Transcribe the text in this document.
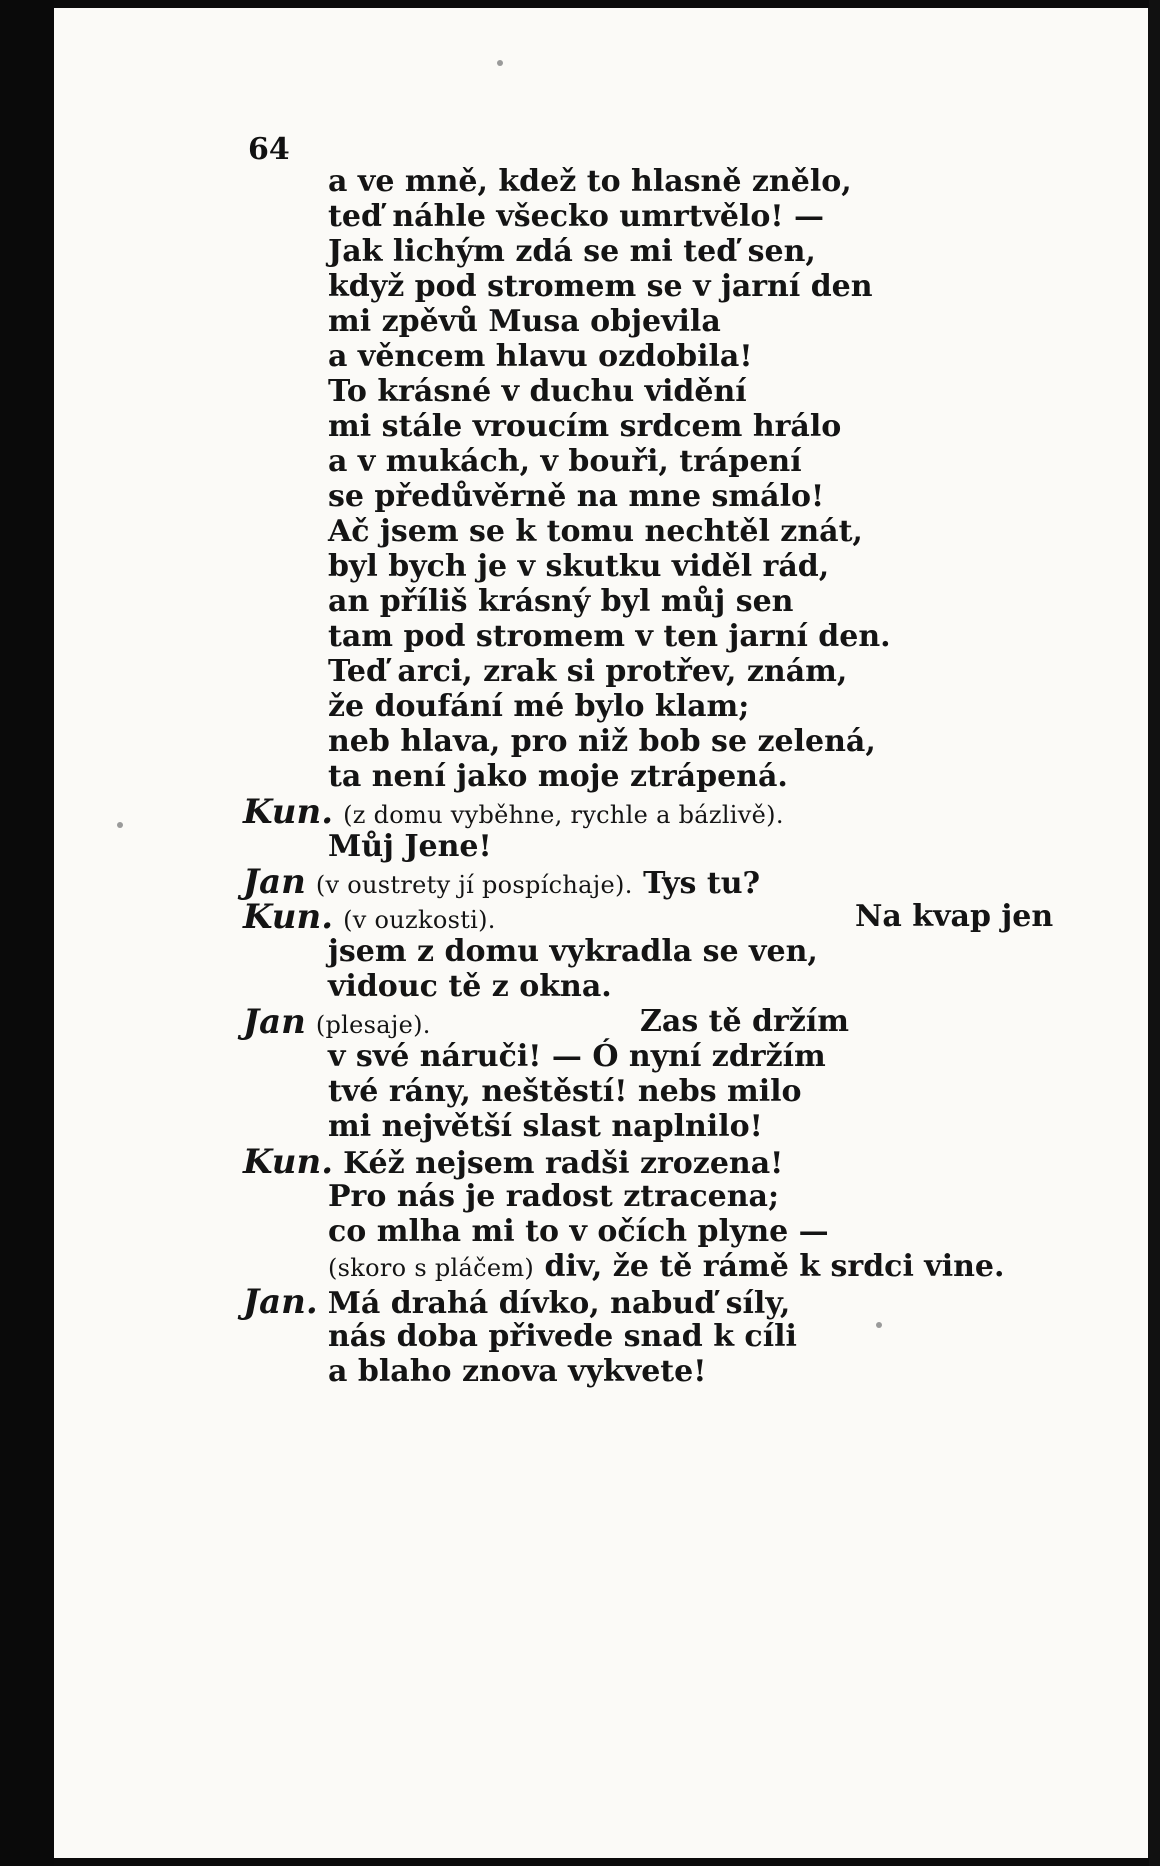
64
a ve mně, kdež to hlasně znělo,
teď náhle všecko umrtvělo! —
Jak lichým zdá se mi teď sen,
když pod stromem se v jarní den
mi zpěvů Musa objevila
a věncem hlavu ozdobila!
To krásné v duchu vidění
mi stále vroucím srdcem hrálo
a v mukách, v bouři, trápení
se předůvěrně na mne smálo!
Ač jsem se k tomu nechtěl znát,
byl bych je v skutku viděl rád,
an příliš krásný byl můj sen
tam pod stromem v ten jarní den.
Teď arci, zrak si protřev, znám,
že doufání mé bylo klam;
neb hlava, pro niž bob se zelená,
ta není jako moje ztrápená.
Kun. (z domu vyběhne, rychle a bázlivě).
Můj Jene!
Jan (v oustrety jí pospíchaje). Tys tu?
Kun. (v ouzkosti).	Na kvap jen
jsem z domu vykradla se ven,
vidouc tě z okna.
Jan (plesaje).	Zas tě držím
v své náruči! — Ó nyní zdržím
tvé rány, neštěstí! nebs milo
mi největší slast naplnilo!
Kun. Kéž nejsem radši zrozena!
Pro nás je radost ztracena;
co mlha mi to v očích plyne —
(skoro s pláčem) div, že tě rámě k srdci vine.
Jan. Má drahá dívko, nabuď síly,
nás doba přivede snad k cíli
a blaho znova vykvete!
